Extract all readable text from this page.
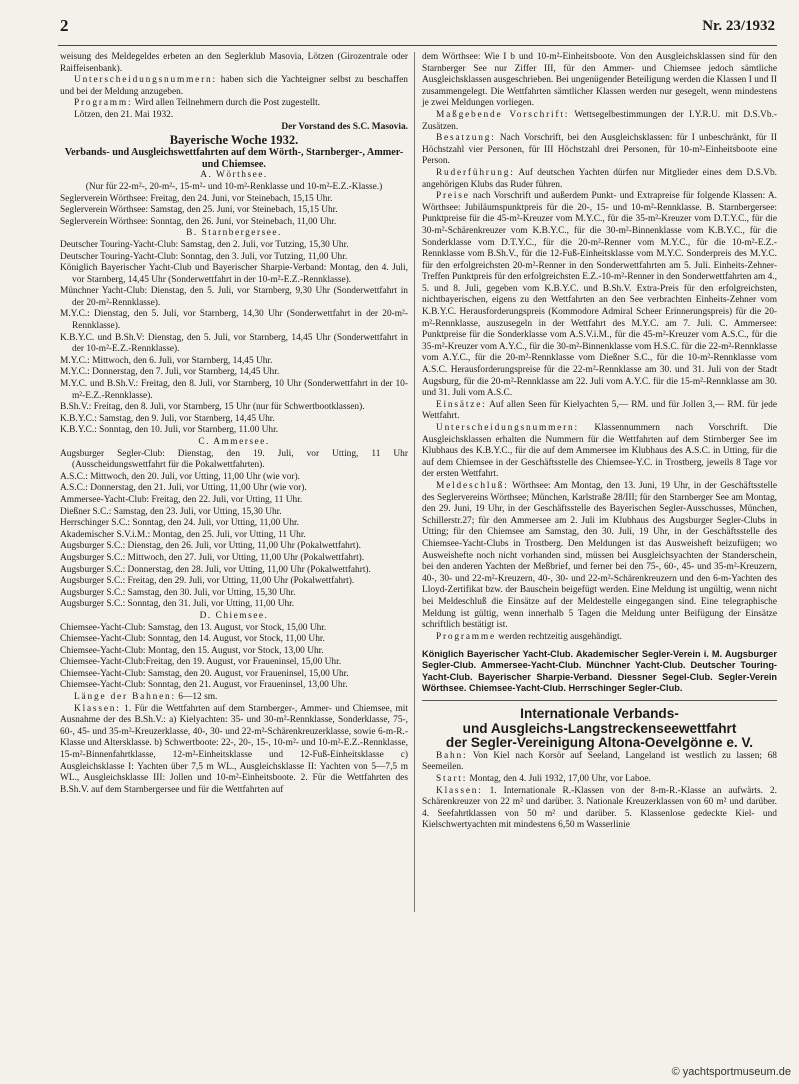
2	Nr. 23/1932

weisung des Meldegeldes erbeten an den Seglerklub Masovia, Lötzen (Girozentrale oder Raiffeisenbank).

Unterscheidungsnummern: haben sich die Yachteigner selbst zu beschaffen und bei der Meldung anzugeben.

Programm: Wird allen Teilnehmern durch die Post zugestellt.

Lötzen, den 21. Mai 1932.

Der Vorstand des S.C. Masovia.

Bayerische Woche 1932.

Verbands- und Ausgleichswettfahrten auf dem Wörth-, Starnberger-, Ammer- und Chiemsee.

A. Wörthsee.

(Nur für 22-m²-, 20-m²-, 15-m²- und 10-m²-Renklasse und 10-m²-E.Z.-Klasse.)

Seglerverein Wörthsee: Freitag, den 24. Juni, vor Steinebach, 15,15 Uhr.

Seglerverein Wörthsee: Samstag, den 25. Juni, vor Steinebach, 15,15 Uhr.

Seglerverein Wörthsee: Sonntag, den 26. Juni, vor Steinebach, 11,00 Uhr.

B. Starnbergersee.

Deutscher Touring-Yacht-Club: Samstag, den 2. Juli, vor Tutzing, 15,30 Uhr.

Deutscher Touring-Yacht-Club: Sonntag, den 3. Juli, vor Tutzing, 11,00 Uhr.

Königlich Bayerischer Yacht-Club und Bayerischer Sharpie-Verband: Montag, den 4. Juli, vor Starnberg, 14,45 Uhr (Sonderwettfahrt in der 10-m²-E.Z.-Rennklasse).

Münchner Yacht-Club: Dienstag, den 5. Juli, vor Starnberg, 9,30 Uhr (Sonderwettfahrt in der 20-m²-Rennklasse).

M.Y.C.: Dienstag, den 5. Juli, vor Starnberg, 14,30 Uhr (Sonderwettfahrt in der 20-m²-Rennklasse).

K.B.Y.C. und B.Sh.V: Dienstag, den 5. Juli, vor Starnberg, 14,45 Uhr (Sonderwettfahrt in der 10-m²-E.Z.-Rennklasse).

M.Y.C.: Mittwoch, den 6. Juli, vor Starnberg, 14,45 Uhr.

M.Y.C.: Donnerstag, den 7. Juli, vor Starnberg, 14,45 Uhr.

M.Y.C. und B.Sh.V.: Freitag, den 8. Juli, vor Starnberg, 10 Uhr (Sonderwettfahrt in der 10-m²-E.Z.-Rennklasse).

B.Sh.V.: Freitag, den 8. Juli, vor Starnberg, 15 Uhr (nur für Schwertbootklassen).

K.B.Y.C.: Samstag, den 9. Juli, vor Starnberg, 14,45 Uhr.

K.B.Y.C.: Sonntag, den 10. Juli, vor Starnberg, 11.00 Uhr.

C. Ammersee.

Augsburger Segler-Club: Dienstag, den 19. Juli, vor Utting, 11 Uhr (Ausscheidungswettfahrt für die Pokalwettfahrten).

A.S.C.: Mittwoch, den 20. Juli, vor Utting, 11,00 Uhr (wie vor).

A.S.C.: Donnerstag, den 21. Juli, vor Utting, 11,00 Uhr (wie vor).

Ammersee-Yacht-Club: Freitag, den 22. Juli, vor Utting, 11 Uhr.

Dießner S.C.: Samstag, den 23. Juli, vor Utting, 15,30 Uhr.

Herrschinger S.C.: Sonntag, den 24. Juli, vor Utting, 11,00 Uhr.

Akademischer S.V.i.M.: Montag, den 25. Juli, vor Utting, 11 Uhr.

Augsburger S.C.: Dienstag, den 26. Juli, vor Utting, 11,00 Uhr (Pokalwettfahrt).

Augsburger S.C.: Mittwoch, den 27. Juli, vor Utting, 11,00 Uhr (Pokalwettfahrt).

Augsburger S.C.: Donnerstag, den 28. Juli, vor Utting, 11,00 Uhr (Pokalwettfahrt).

Augsburger S.C.: Freitag, den 29. Juli, vor Utting, 11,00 Uhr (Pokalwettfahrt).

Augsburger S.C.: Samstag, den 30. Juli, vor Utting, 15,30 Uhr.

Augsburger S.C.: Sonntag, den 31. Juli, vor Utting, 11,00 Uhr.

D. Chiemsee.

Chiemsee-Yacht-Club: Samstag, den 13. August, vor Stock, 15,00 Uhr.

Chiemsee-Yacht-Club: Sonntag, den 14. August, vor Stock, 11,00 Uhr.

Chiemsee-Yacht-Club: Montag, den 15. August, vor Stock, 13,00 Uhr.

Chiemsee-Yacht-Club:Freitag, den 19. August, vor Fraueninsel, 15,00 Uhr.

Chiemsee-Yacht-Club: Samstag, den 20. August, vor Fraueninsel, 15,00 Uhr.

Chiemsee-Yacht-Club: Sonntag, den 21. August, vor Fraueninsel, 13,00 Uhr.

Länge der Bahnen: 6—12 sm.

Klassen: 1. Für die Wettfahrten auf dem Starnberger-, Ammer- und Chiemsee, mit Ausnahme der des B.Sh.V.: a) Kielyachten: 35- und 30-m²-Rennklasse, Sonderklasse, 75-, 60-, 45- und 35-m²-Kreuzerklasse, 40-, 30- und 22-m²-Schärenkreuzerklasse, sowie 6-m-R.-Klasse und Altersklasse. b) Schwertboote: 22-, 20-, 15-, 10-m²- und 10-m²-E.Z.-Rennklasse, 15-m²-Binnenfahrtklasse, 12-m²-Einheitsklasse und 12-Fuß-Einheitsklasse c) Ausgleichsklasse I: Yachten über 7,5 m WL., Ausgleichsklasse II: Yachten von 5—7,5 m WL., Ausgleichsklasse III: Jollen und 10-m²-Einheitsboote. 2. Für die Wettfahrten des B.Sh.V. auf dem Starnbergersee und für die Wettfahrten auf

dem Wörthsee: Wie I b und 10-m²-Einheitsboote. Von den Ausgleichsklassen sind für den Starnberger See nur Ziffer III, für den Ammer- und Chiemsee jedoch sämtliche Ausgleichsklassen ausgeschrieben. Bei ungenügender Beteiligung werden die Klassen I und II zusammengelegt. Die Wettfahrten sämtlicher Klassen werden nur gesegelt, wenn mindestens je zwei Meldungen vorliegen.

Maßgebende Vorschrift: Wettsegelbestimmungen der I.Y.R.U. mit D.S.Vb.-Zusätzen.

Besatzung: Nach Vorschrift, bei den Ausgleichsklassen: für I unbeschränkt, für II Höchstzahl vier Personen, für III Höchstzahl drei Personen, für 10-m²-Einheitsboote eine Person.

Ruderführung: Auf deutschen Yachten dürfen nur Mitglieder eines dem D.S.Vb. angehörigen Klubs das Ruder führen.

Preise nach Vorschrift und außerdem Punkt- und Extrapreise für folgende Klassen: A. Wörthsee: Jubiläumspunktpreis für die 20-, 15- und 10-m²-Rennklasse. B. Starnbergersee: Punktpreise für die 45-m²-Kreuzer vom M.Y.C., für die 35-m²-Kreuzer vom D.T.Y.C., für die 30-m²-Schärenkreuzer vom K.B.Y.C., für die 30-m²-Binnenklasse vom K.B.Y.C., für die Sonderklasse vom D.T.Y.C., für die 20-m²-Renner vom M.Y.C., für die 10-m²-E.Z.-Rennklasse vom B.Sh.V., für die 12-Fuß-Einheitsklasse vom M.Y.C. Sonderpreis des M.Y.C. für den erfolgreichsten 20-m²-Renner in den Sonderwettfahrten am 5. Juli. Einheits-Zehner-Treffen Punktpreis für den erfolgreichsten E.Z.-10-m²-Renner in den Sonderwettfahrten am 4., 5. und 8. Juli, gegeben vom K.B.Y.C. und B.Sh.V. Extra-Preis für den erfolgreichsten, nichtbayerischen, eigens zu den Wettfahrten an den See verbrachten Einheits-Zehner vom K.B.Y.C. Herausforderungspreis (Kommodore Admiral Scheer Erinnerungspreis) für die 20-m²-Rennklasse, auszusegeln in der Wettfahrt des M.Y.C. am 7. Juli. C. Ammersee: Punktpreise für die Sonderklasse vom A.S.V.i.M., für die 45-m²-Kreuzer vom A.S.C., für die 35-m²-Kreuzer vom A.Y.C., für die 30-m²-Binnenklasse vom H.S.C. für die 22-m²-Rennklasse vom A.Y.C., für die 20-m²-Rennklasse vom Dießner S.C., für die 10-m²-Rennklasse vom A.S.C. Herausforderungspreise für die 22-m²-Rennklasse am 30. und 31. Juli von der Stadt Augsburg, für die 20-m²-Rennklasse am 22. Juli vom A.Y.C. für die 15-m²-Rennklasse am 30. und 31. Juli vom A.S.C.

Einsätze: Auf allen Seen für Kielyachten 5,— RM. und für Jollen 3,— RM. für jede Wettfahrt.

Unterscheidungsnummern: Klassennummern nach Vorschrift. Die Ausgleichsklassen erhalten die Nummern für die Wettfahrten auf dem Stirnberger See im Klubhaus des K.B.Y.C., für die auf dem Ammersee im Klubhaus des A.S.C. in Utting, für die auf dem Chiemsee in der Geschäftsstelle des Chiemsee-Y.C. in Trostberg, jeweils 8 Tage vor der ersten Wettfahrt.

Meldeschluß: Wörthsee: Am Montag, den 13. Juni, 19 Uhr, in der Geschäftsstelle des Seglervereins Wörthsee; München, Karlstraße 28/III; für den Starnberger See am Montag, den 29. Juni, 19 Uhr, in der Geschäftsstelle des Bayerischen Segler-Ausschusses, München, Schillerstr.27; für den Ammersee am 2. Juli im Klubhaus des Augsburger Segler-Clubs in Utting; für den Chiemsee am Samstag, den 30. Juli, 19 Uhr, in der Geschäftsstelle des Chiemsee-Yacht-Clubs in Trostberg. Den Meldungen ist das Ausweisheft beizufügen; wo Ausweishefte noch nicht vorhanden sind, müssen bei Ausgleichsyachten der Standerschein, bei den anderen Yachten der Meßbrief, und ferner bei den 75-, 60-, 45- und 35-m²-Kreuzern, 40-, 30- und 22-m²-Kreuzern, 40-, 30- und 22-m²-Schärenkreuzern und den 6-m-Yachten des Lloyd-Zertifikat bzw. der Bauschein beigefügt werden. Eine Meldung ist ungültig, wenn nicht bei Meldeschluß die Einsätze auf der Meldestelle eingegangen sind. Eine telegraphische Meldung ist gültig, wenn innerhalb 5 Tagen die Meldung unter Beifügung der Einsätze schriftlich bestätigt ist.

Programme werden rechtzeitig ausgehändigt.

Königlich Bayerischer Yacht-Club. Akademischer Segler-Verein i. M. Augsburger Segler-Club. Ammersee-Yacht-Club. Münchner Yacht-Club. Deutscher Touring-Yacht-Club. Bayerischer Sharpie-Verband. Diessner Segel-Club. Segler-Verein Wörthsee. Chiemsee-Yacht-Club. Herrschinger Segler-Club.

Internationale Verbands-

und Ausgleichs-Langstreckenseewettfahrt

der Segler-Vereinigung Altona-Oevelgönne e. V.

Bahn: Von Kiel nach Korsör auf Seeland, Langeland ist westlich zu lassen; 68 Seemeilen.

Start: Montag, den 4. Juli 1932, 17,00 Uhr, vor Laboe.

Klassen: 1. Internationale R.-Klassen von der 8-m-R.-Klasse an aufwärts. 2. Schärenkreuzer von 22 m² und darüber. 3. Nationale Kreuzerklassen von 60 m² und darüber. 4. Seefahrtklassen von 50 m² und darüber. 5. Klassenlose gedeckte Kiel- und Kielschwertyachten mit mindestens 6,50 m Wasserlinie

© yachtsportmuseum.de
